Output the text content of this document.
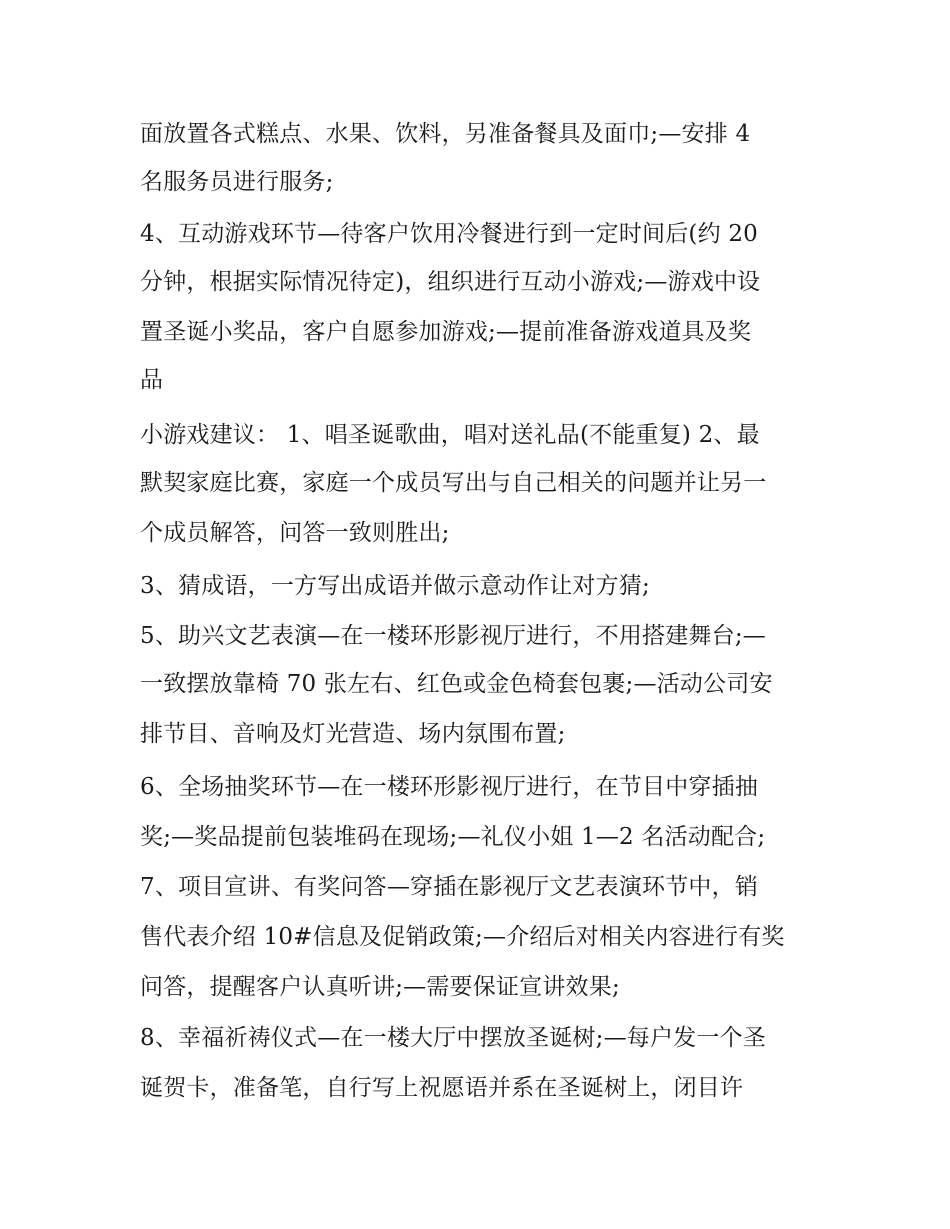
面放置各式糕点、水果、饮料，另准备餐具及面巾;—安排 4
名服务员进行服务;
4、互动游戏环节—待客户饮用冷餐进行到一定时间后(约 20
分钟，根据实际情况待定)，组织进行互动小游戏;—游戏中设
置圣诞小奖品，客户自愿参加游戏;—提前准备游戏道具及奖
品
小游戏建议： 1、唱圣诞歌曲，唱对送礼品(不能重复) 2、最
默契家庭比赛，家庭一个成员写出与自己相关的问题并让另一
个成员解答，问答一致则胜出;
3、猜成语，一方写出成语并做示意动作让对方猜;
5、助兴文艺表演—在一楼环形影视厅进行，不用搭建舞台;—
一致摆放靠椅 70 张左右、红色或金色椅套包裹;—活动公司安
排节目、音响及灯光营造、场内氛围布置;
6、全场抽奖环节—在一楼环形影视厅进行，在节目中穿插抽
奖;—奖品提前包装堆码在现场;—礼仪小姐 1—2 名活动配合;
7、项目宣讲、有奖问答—穿插在影视厅文艺表演环节中，销
售代表介绍 10#信息及促销政策;—介绍后对相关内容进行有奖
问答，提醒客户认真听讲;—需要保证宣讲效果;
8、幸福祈祷仪式—在一楼大厅中摆放圣诞树;—每户发一个圣
诞贺卡，准备笔，自行写上祝愿语并系在圣诞树上，闭目许
